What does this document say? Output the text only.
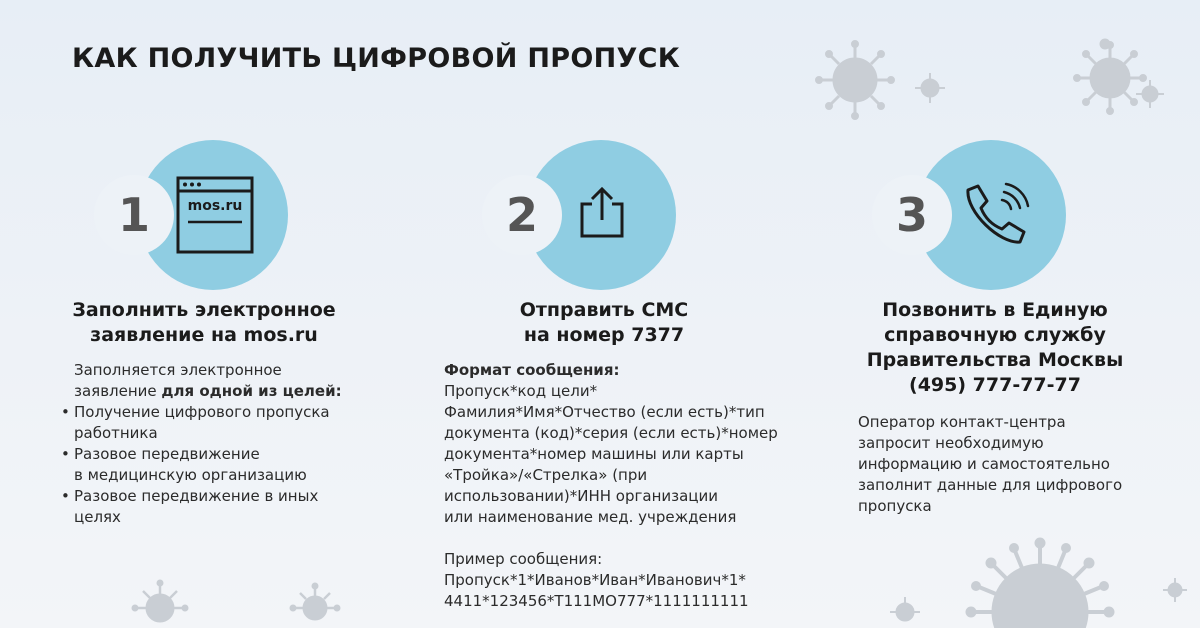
КАК ПОЛУЧИТЬ ЦИФРОВОЙ ПРОПУСК
1	mos.ru
Заполнить электронное
заявление на mos.ru
Заполняется электронное
заявление для одной из целей:
• Получение цифрового пропуска
работника
• Разовое передвижение
в медицинскую организацию
• Разовое передвижение в иных
целях
2
Отправить СМС
на номер 7377
Формат сообщения:
Пропуск*код цели*
Фамилия*Имя*Отчество (если есть)*тип
документа (код)*серия (если есть)*номер
документа*номер машины или карты
«Тройка»/«Стрелка» (при
использовании)*ИНН организации
или наименование мед. учреждения
Пример сообщения:
Пропуск*1*Иванов*Иван*Иванович*1*
4411*123456*Т111МО777*1111111111
3
Позвонить в Единую
справочную службу
Правительства Москвы
(495) 777-77-77
Оператор контакт-центра
запросит необходимую
информацию и самостоятельно
заполнит данные для цифрового
пропуска
